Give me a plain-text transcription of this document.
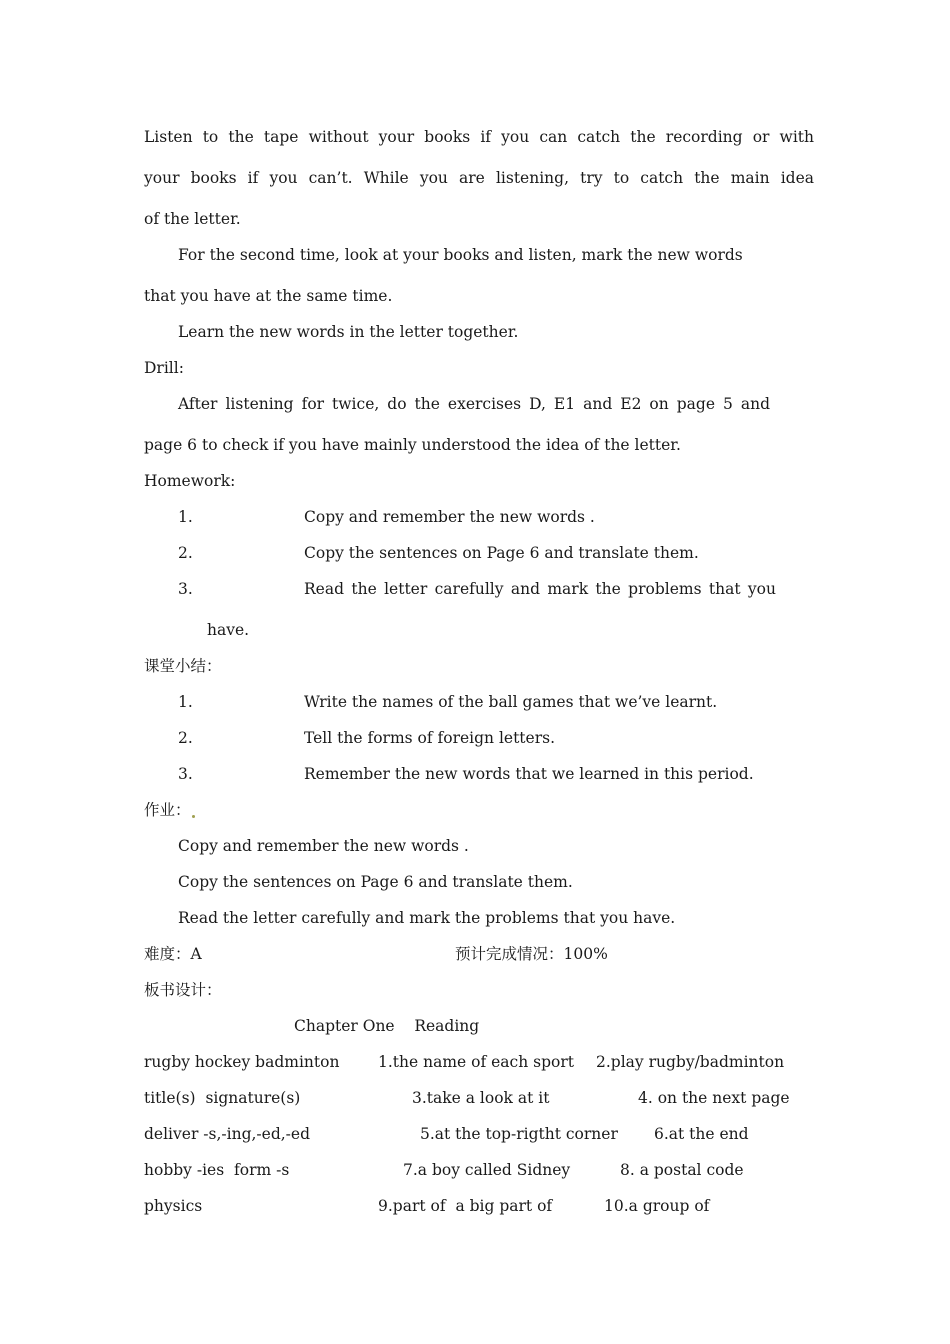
Listen to the tape without your books if you can catch the recording or with
your books if you can’t. While you are listening, try to catch the main idea
of the letter.
For the second time, look at your books and listen, mark the new words
that you have at the same time.
Learn the new words in the letter together.
Drill:
After listening for twice, do the exercises D, E1 and E2 on page 5 and
page 6 to check if you have mainly understood the idea of the letter.
Homework:
1.	Copy and remember the new words .
2.	Copy the sentences on Page 6 and translate them.
3.	Read the letter carefully and mark the problems that you
have.
课堂小结：
1.	Write the names of the ball games that we’ve learnt.
2.	Tell the forms of foreign letters.
3.	Remember the new words that we learned in this period.
作业：
Copy and remember the new words .
Copy the sentences on Page 6 and translate them.
Read the letter carefully and mark the problems that you have.
难度：A	预计完成情况：100%
板书设计：
Chapter One    Reading
rugby hockey badminton 1.the name of each sport 2.play rugby/badminton
title(s)  signature(s)	3.take a look at it	4. on the next page
deliver -s,-ing,-ed,-ed	5.at the top-rigtht corner 6.at the end
hobby -ies  form -s	7.a boy called Sidney	8. a postal code
physics	9.part of  a big part of	10.a group of
